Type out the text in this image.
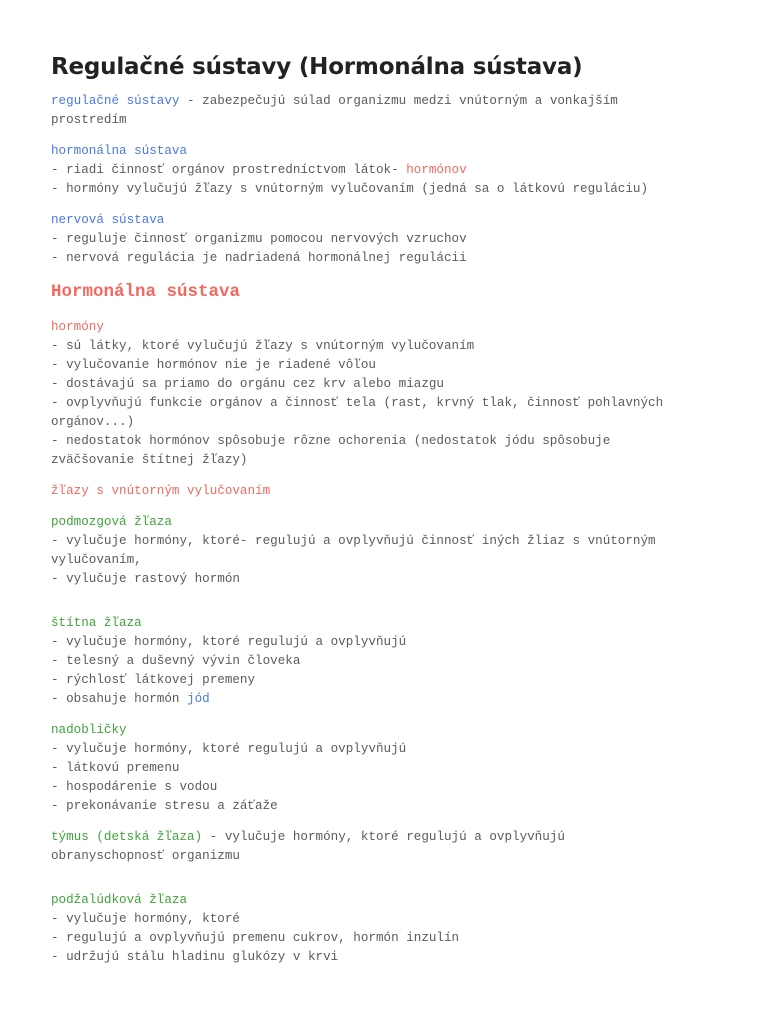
Regulačné sústavy (Hormonálna sústava)
regulačné sústavy - zabezpečujú súlad organizmu medzi vnútorným a vonkajším
prostredím
hormonálna sústava
- riadi činnosť orgánov prostredníctvom látok- hormónov
- hormóny vylučujú žľazy s vnútorným vylučovaním (jedná sa o látkovú reguláciu)
nervová sústava
- reguluje činnosť organizmu pomocou nervových vzruchov
- nervová regulácia je nadriadená hormonálnej regulácii
Hormonálna sústava
hormóny
- sú látky, ktoré vylučujú žľazy s vnútorným vylučovaním
- vylučovanie hormónov nie je riadené vôľou
- dostávajú sa priamo do orgánu cez krv alebo miazgu
- ovplyvňujú funkcie orgánov a činnosť tela (rast, krvný tlak, činnosť pohlavných
orgánov...)
- nedostatok hormónov spôsobuje rôzne ochorenia (nedostatok jódu spôsobuje
zväčšovanie štítnej žľazy)
žľazy s vnútorným vylučovaním
podmozgová žľaza
- vylučuje hormóny, ktoré- regulujú a ovplyvňujú činnosť iných žliaz s vnútorným
vylučovaním,
- vylučuje rastový hormón
štítna žľaza
- vylučuje hormóny, ktoré regulujú a ovplyvňujú
- telesný a duševný vývin človeka
- rýchlosť látkovej premeny
- obsahuje hormón jód
nadobličky
- vylučuje hormóny, ktoré regulujú a ovplyvňujú
- látkovú premenu
- hospodárenie s vodou
- prekonávanie stresu a záťaže
týmus (detská žľaza) - vylučuje hormóny, ktoré regulujú a ovplyvňujú
obranyschopnosť organizmu
podžalúdková žľaza
- vylučuje hormóny, ktoré
- regulujú a ovplyvňujú premenu cukrov, hormón inzulín
- udržujú stálu hladinu glukózy v krvi
